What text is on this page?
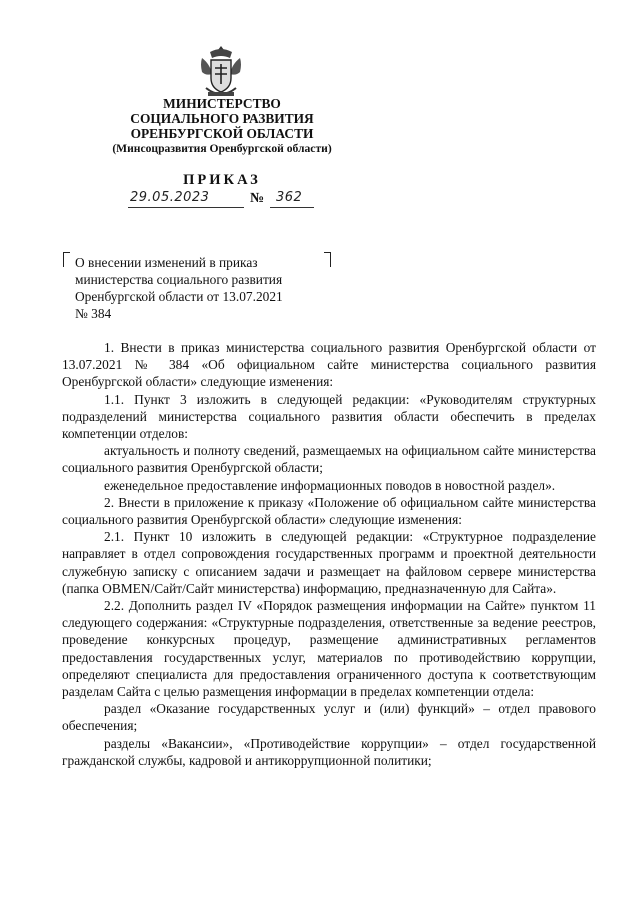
МИНИСТЕРСТВО
СОЦИАЛЬНОГО РАЗВИТИЯ
ОРЕНБУРГСКОЙ ОБЛАСТИ
(Минсоцразвития Оренбургской области)
ПРИКАЗ
29.05.2023	№ 362
О внесении изменений в приказ
министерства социального развития
Оренбургской области от 13.07.2021
№ 384

1. Внести в приказ министерства социального развития Оренбургской области от 13.07.2021 № 384 «Об официальном сайте министерства социального развития Оренбургской области» следующие изменения:

1.1. Пункт 3 изложить в следующей редакции: «Руководителям структурных подразделений министерства социального развития области обеспечить в пределах компетенции отделов:

актуальность и полноту сведений, размещаемых на официальном сайте министерства социального развития Оренбургской области;

еженедельное предоставление информационных поводов в новостной раздел».

2. Внести в приложение к приказу «Положение об официальном сайте министерства социального развития Оренбургской области» следующие изменения:

2.1. Пункт 10 изложить в следующей редакции: «Структурное подразделение направляет в отдел сопровождения государственных программ и проектной деятельности служебную записку с описанием задачи и размещает на файловом сервере министерства (папка OBMEN/Сайт/Сайт министерства) информацию, предназначенную для Сайта».

2.2. Дополнить раздел IV «Порядок размещения информации на Сайте» пунктом 11 следующего содержания: «Структурные подразделения, ответственные за ведение реестров, проведение конкурсных процедур, размещение административных регламентов предоставления государственных услуг, материалов по противодействию коррупции, определяют специалиста для предоставления ограниченного доступа к соответствующим разделам Сайта с целью размещения информации в пределах компетенции отдела:

раздел «Оказание государственных услуг и (или) функций» – отдел правового обеспечения;

разделы «Вакансии», «Противодействие коррупции» – отдел государственной гражданской службы, кадровой и антикоррупционной политики;
